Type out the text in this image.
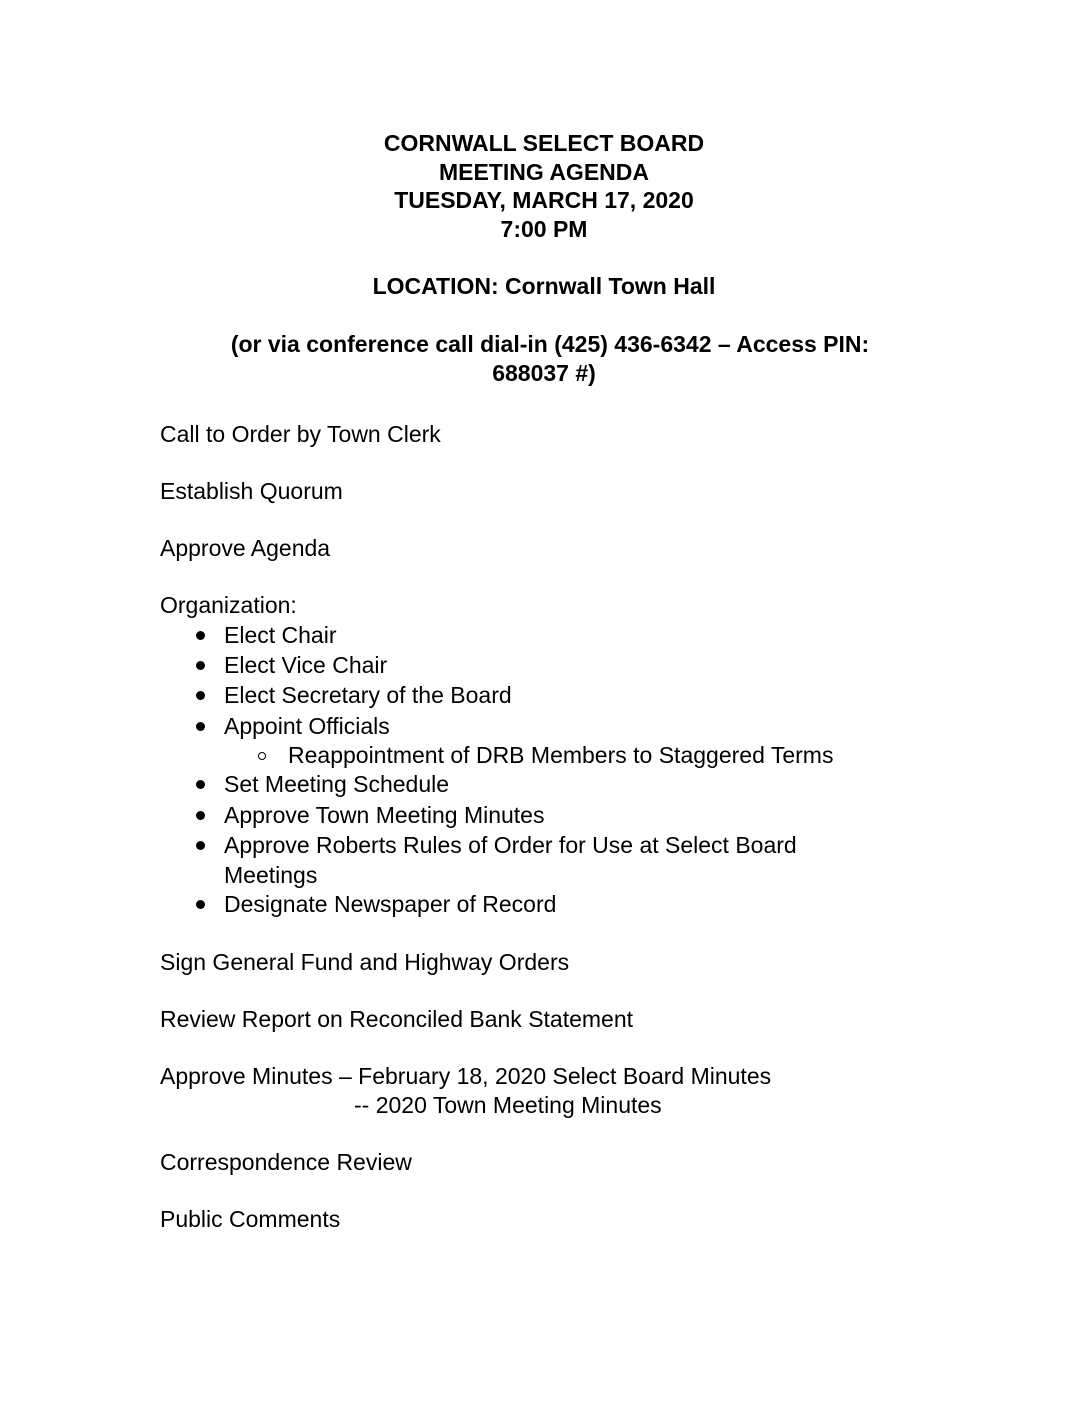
CORNWALL SELECT BOARD
MEETING AGENDA
TUESDAY, MARCH 17, 2020
7:00 PM
LOCATION: Cornwall Town Hall
(or via conference call dial-in (425) 436-6342 – Access PIN:
688037 #)
Call to Order by Town Clerk
Establish Quorum
Approve Agenda
Organization:
Elect Chair
Elect Vice Chair
Elect Secretary of the Board
Appoint Officials
Reappointment of DRB Members to Staggered Terms
Set Meeting Schedule
Approve Town Meeting Minutes
Approve Roberts Rules of Order for Use at Select Board
Meetings
Designate Newspaper of Record
Sign General Fund and Highway Orders
Review Report on Reconciled Bank Statement
Approve Minutes – February 18, 2020 Select Board Minutes
-- 2020 Town Meeting Minutes
Correspondence Review
Public Comments
